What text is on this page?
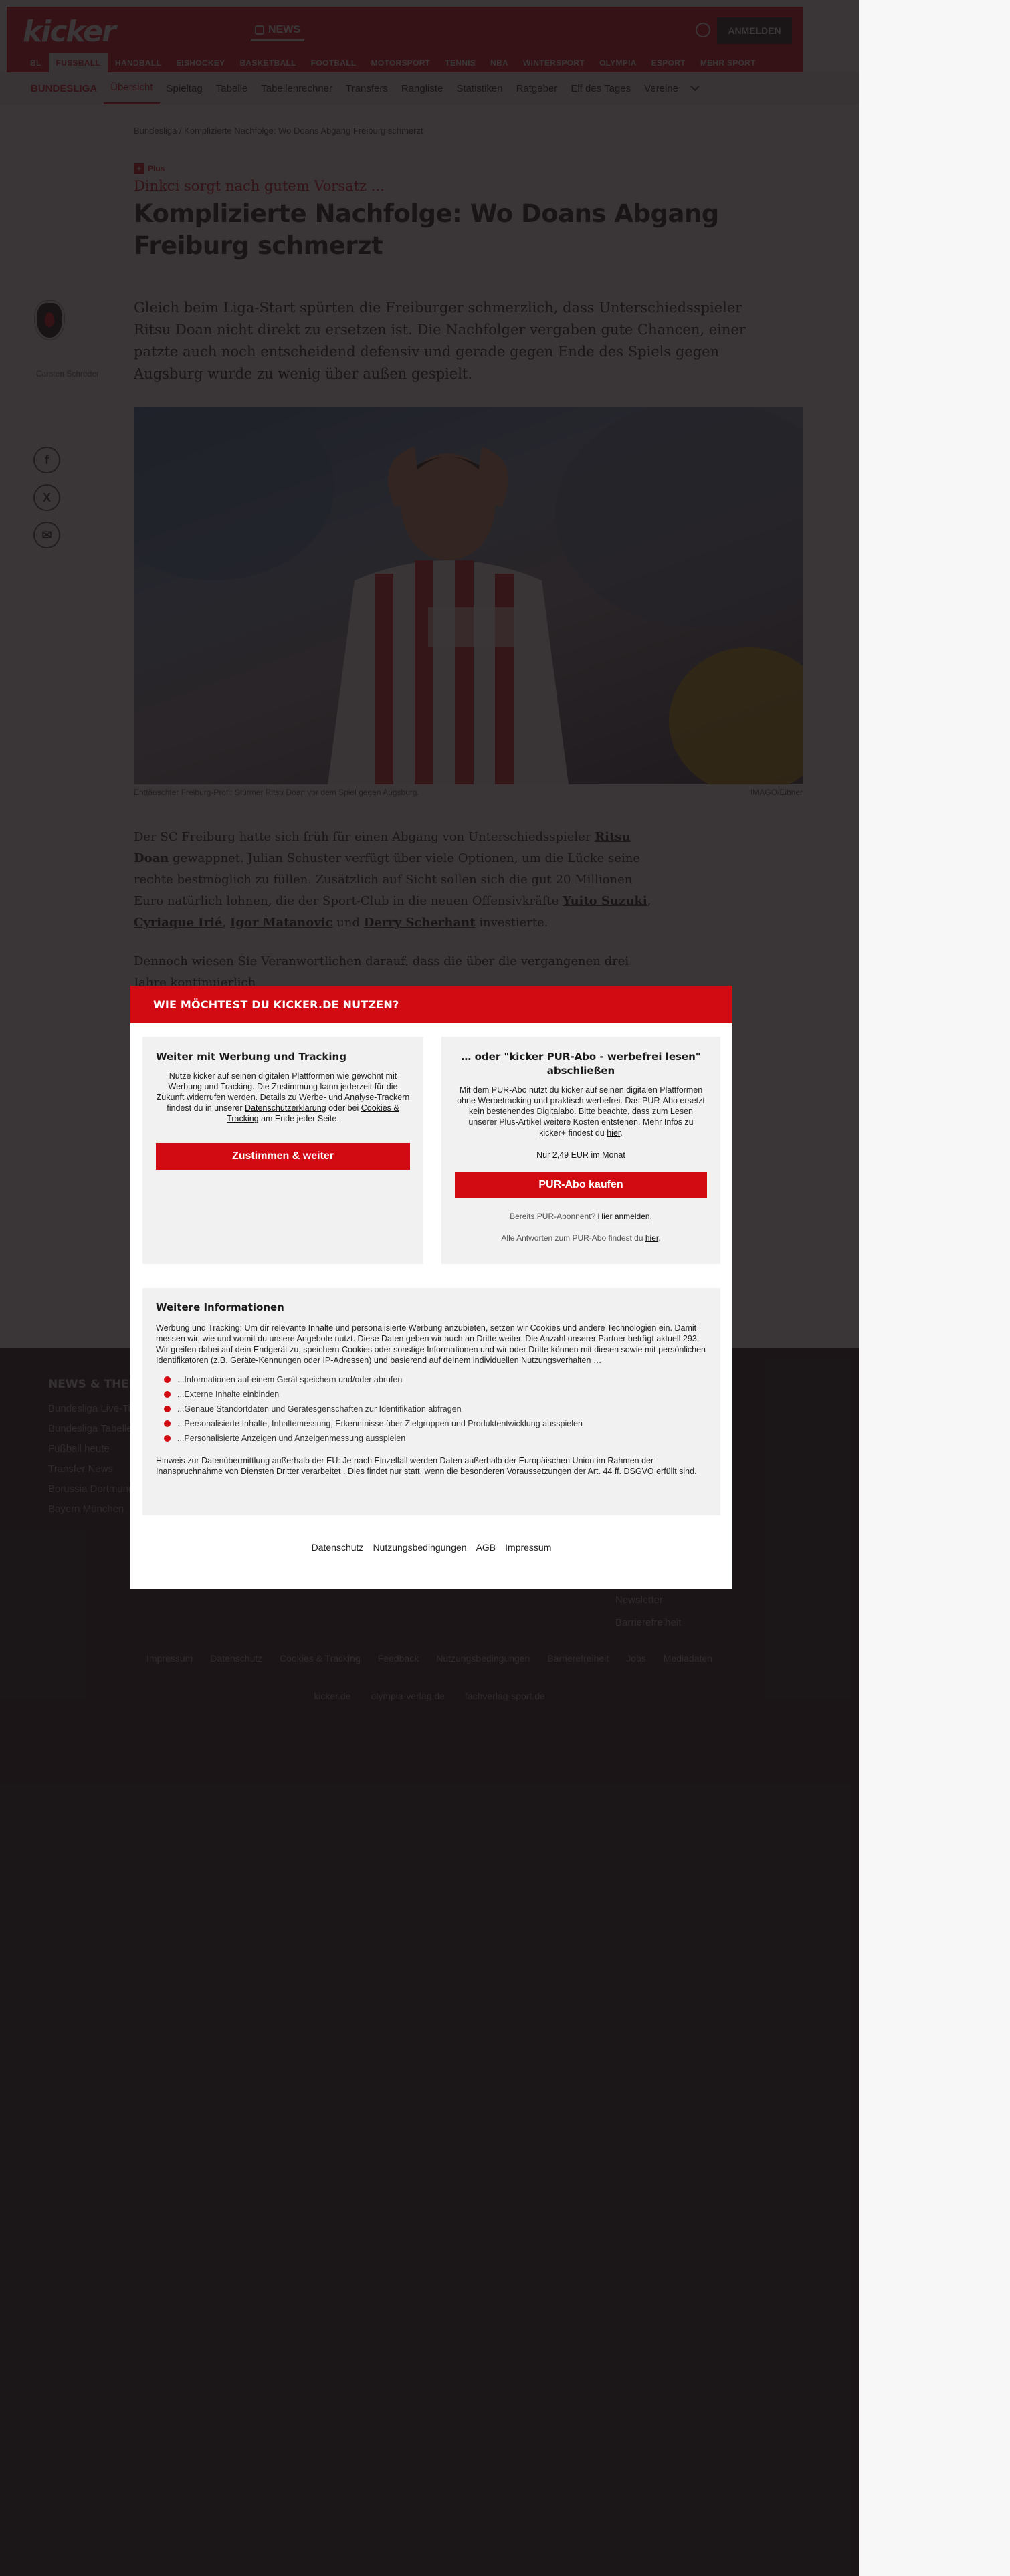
WIE MÖCHTEST DU KICKER.DE NUTZEN?
Weiter mit Werbung und Tracking

Nutze kicker auf seinen digitalen Plattformen wie gewohnt mit Werbung und Tracking. Die Zustimmung kann jederzeit für die Zukunft widerrufen werden. Details zu Werbe- und Analyse-Trackern findest du in unserer Datenschutzerklärung oder bei Cookies & Tracking am Ende jeder Seite.

Zustimmen & weiter
… oder "kicker PUR-Abo - werbefrei lesen" abschließen

Mit dem PUR-Abo nutzt du kicker auf seinen digitalen Plattformen ohne Werbetracking und praktisch werbefrei. Das PUR-Abo ersetzt kein bestehendes Digitalabo. Bitte beachte, dass zum Lesen unserer Plus-Artikel weitere Kosten entstehen. Mehr Infos zu kicker+ findest du hier.

Nur 2,49 EUR im Monat
PUR-Abo kaufen
Bereits PUR-Abonnent? Hier anmelden.
Alle Antworten zum PUR-Abo findest du hier.
Weitere Informationen

Werbung und Tracking: Um dir relevante Inhalte und personalisierte Werbung anzubieten, setzen wir Cookies und andere Technologien ein. Damit messen wir, wie und womit du unsere Angebote nutzt. Diese Daten geben wir auch an Dritte weiter. Die Anzahl unserer Partner beträgt aktuell 293. Wir greifen dabei auf dein Endgerät zu, speichern Cookies oder sonstige Informationen und wir oder Dritte können mit diesen sowie mit persönlichen Identifikatoren (z.B. Geräte-Kennungen oder IP-Adressen) und basierend auf deinem individuellen Nutzungsverhalten …

...Informationen auf einem Gerät speichern und/oder abrufen
...Externe Inhalte einbinden
...Genaue Standortdaten und Gerätesgenschaften zur Identifikation abfragen
...Personalisierte Inhalte, Inhaltemessung, Erkenntnisse über Zielgruppen und Produktentwicklung ausspielen
...Personalisierte Anzeigen und Anzeigenmessung ausspielen

Hinweis zur Datenübermittlung außerhalb der EU: Je nach Einzelfall werden Daten außerhalb der Europäischen Union im Rahmen der Inanspruchnahme von Diensten Dritter verarbeitet . Dies findet nur statt, wenn die besonderen Voraussetzungen der Art. 44 ff. DSGVO erfüllt sind.

Datenschutz Nutzungsbedingungen AGB Impressum
